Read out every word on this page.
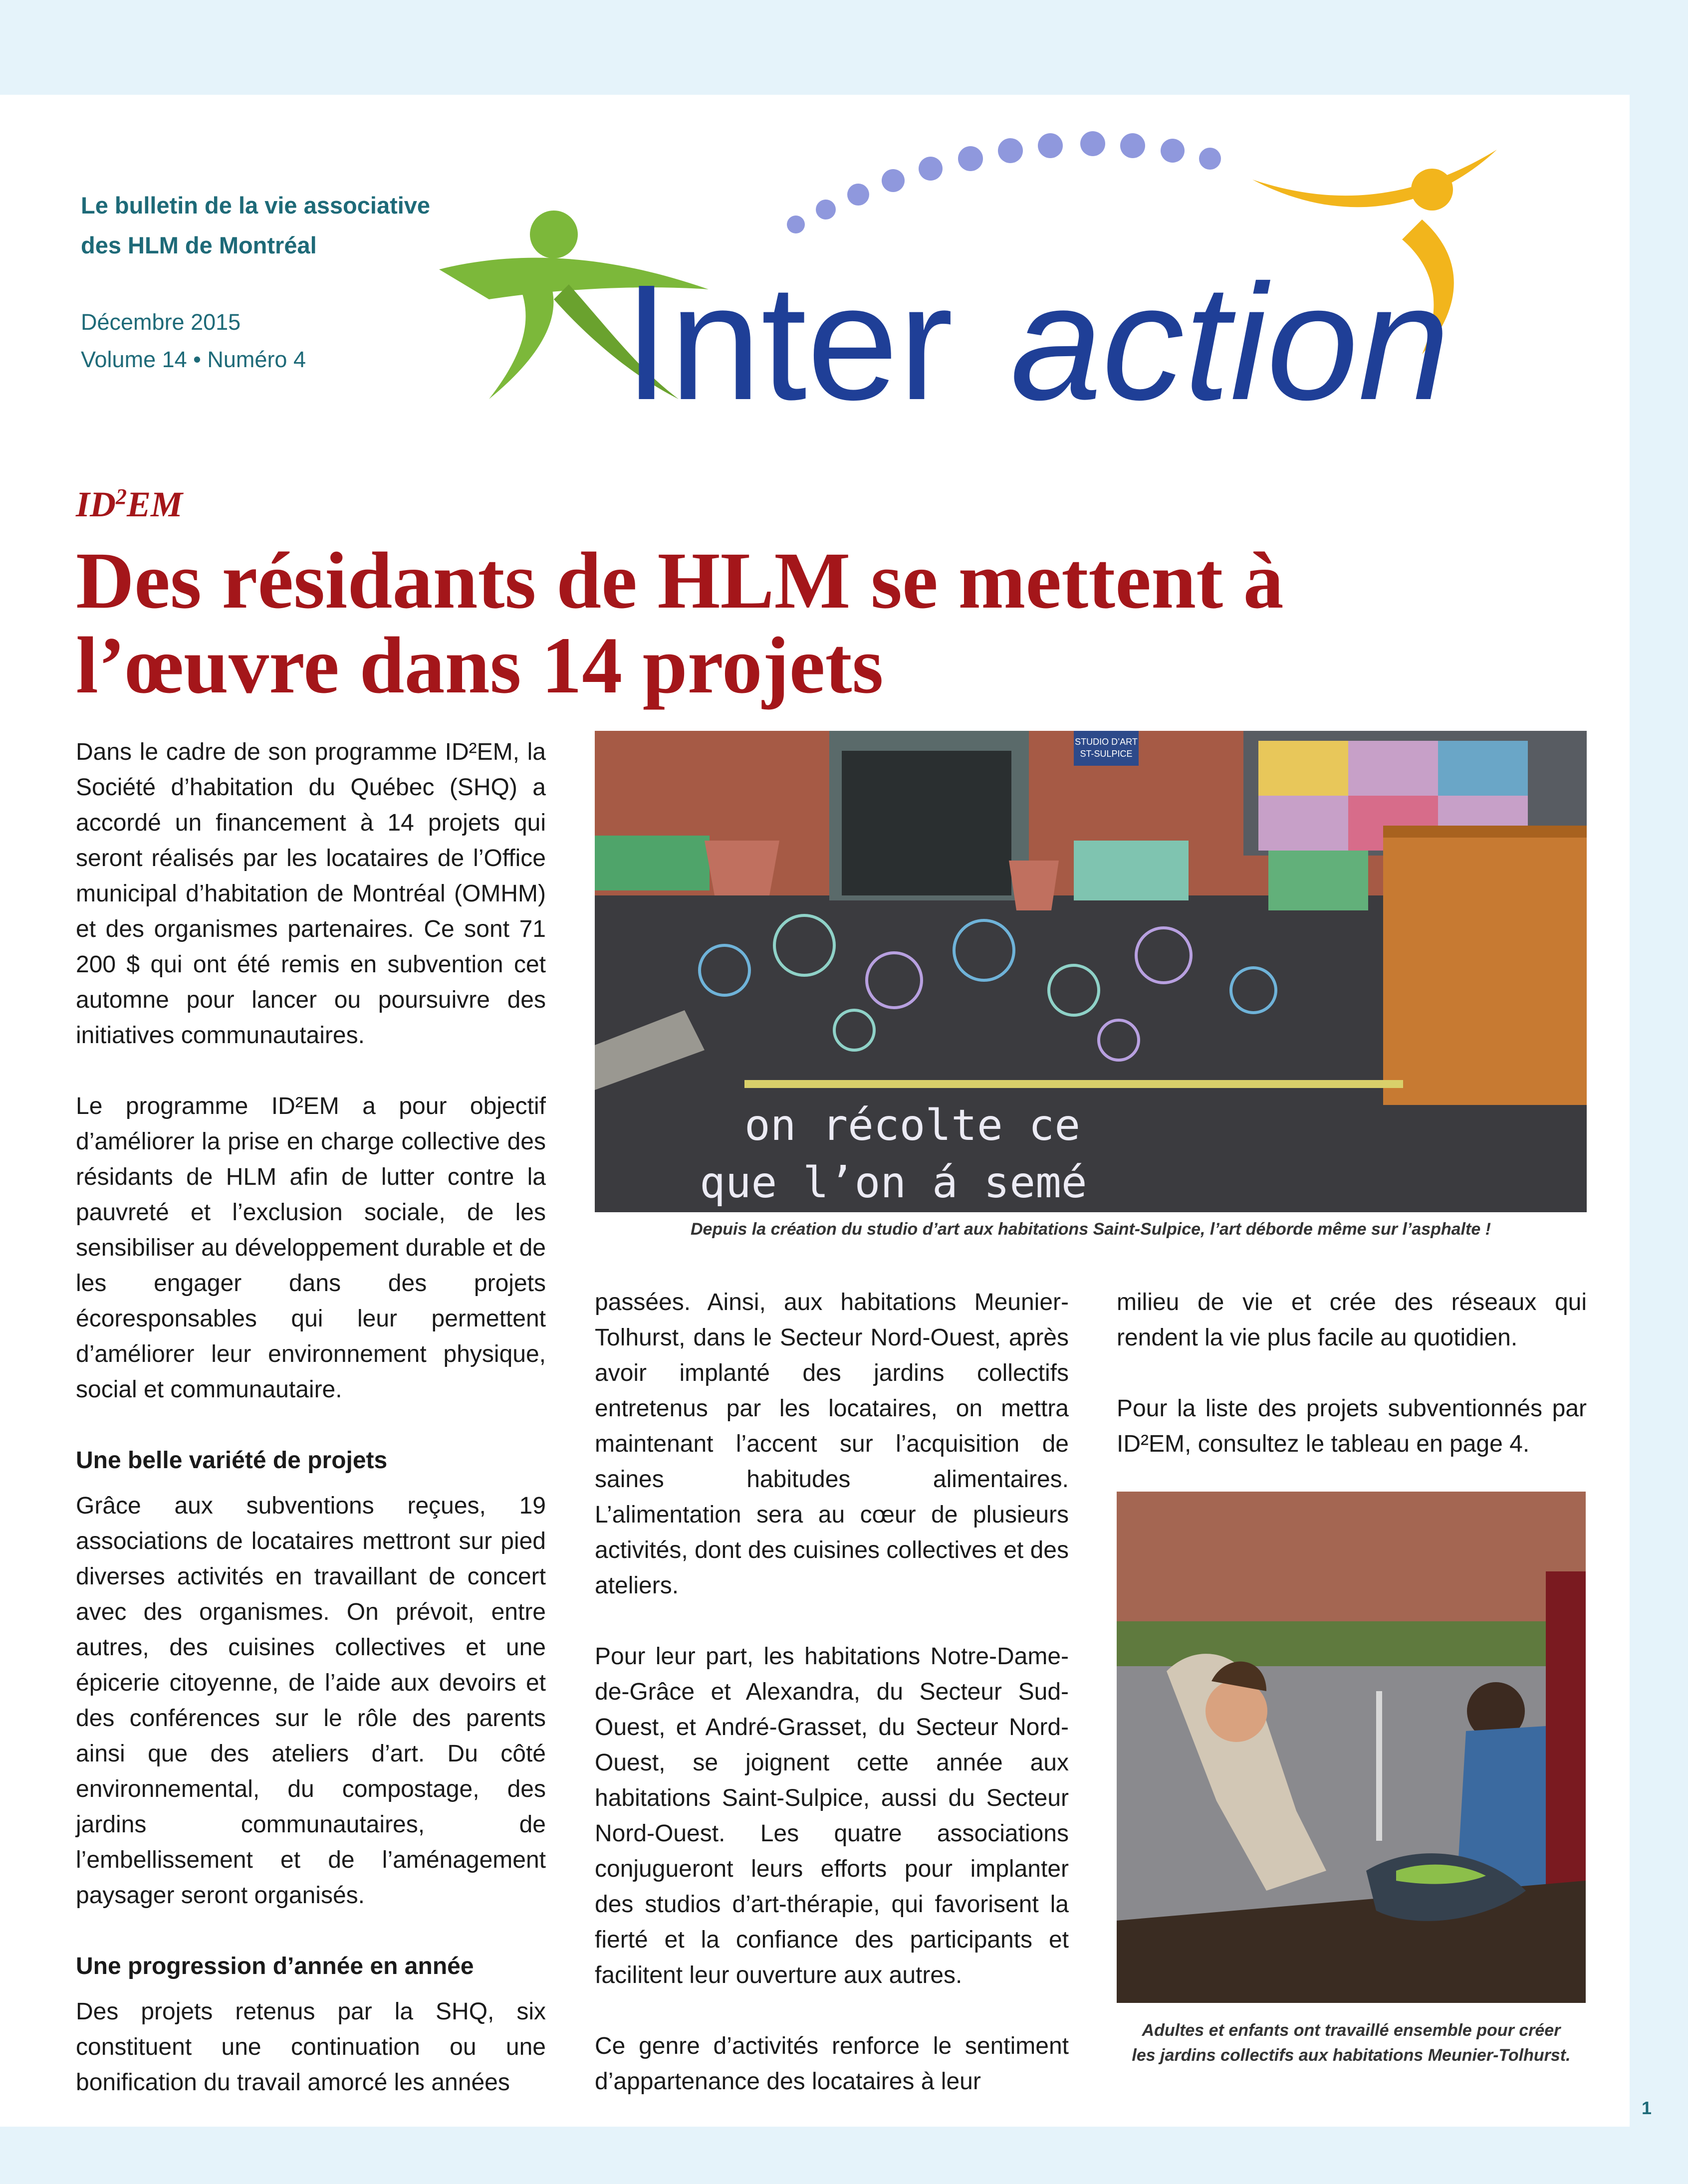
Le bulletin de la vie associative
des HLM de Montréal
Décembre 2015
Volume 14 • Numéro 4 Inter action
$ID^2EM$
Des résidants de HLM se mettent à
l’œuvre dans 14 projets

Dans le cadre de son programme ID²EM, la Société d’habitation du Québec (SHQ) a accordé un financement à 14 projets qui seront réalisés par les locataires de l’Office municipal d’habitation de Montréal (OMHM) et des organismes partenaires. Ce sont 71 200 $ qui ont été remis en subvention cet automne pour lancer ou poursuivre des initiatives communautaires.

Le programme ID²EM a pour objectif d’améliorer la prise en charge collective des résidants de HLM afin de lutter contre la pauvreté et l’exclusion sociale, de les sensibiliser au développement durable et de les engager dans des projets écoresponsables qui leur permettent d’améliorer leur environnement physique, social et communautaire.

Une belle variété de projets

Grâce aux subventions reçues, 19 associations de locataires mettront sur pied diverses activités en travaillant de concert avec des organismes. On prévoit, entre autres, des cuisines collectives et une épicerie citoyenne, de l’aide aux devoirs et des conférences sur le rôle des parents ainsi que des ateliers d’art. Du côté environnemental, du compostage, des jardins communautaires, de l’embellissement et de l’aménagement paysager seront organisés.

Une progression d’année en année

Des projets retenus par la SHQ, six constituent une continuation ou une bonification du travail amorcé les années

STUDIO D’ART
ST-SULPICE
on récolte ce
que l’on á semé
Depuis la création du studio d’art aux habitations Saint-Sulpice, l’art déborde même sur l’asphalte !

passées. Ainsi, aux habitations Meunier-Tolhurst, dans le Secteur Nord-Ouest, après avoir implanté des jardins collectifs entretenus par les locataires, on mettra maintenant l’accent sur l’acquisition de saines habitudes alimentaires. L’alimentation sera au cœur de plusieurs activités, dont des cuisines collectives et des ateliers.

Pour leur part, les habitations Notre-Dame-de-Grâce et Alexandra, du Secteur Sud-Ouest, et André-Grasset, du Secteur Nord-Ouest, se joignent cette année aux habitations Saint-Sulpice, aussi du Secteur Nord-Ouest. Les quatre associations conjugueront leurs efforts pour implanter des studios d’art-thérapie, qui favorisent la fierté et la confiance des participants et facilitent leur ouverture aux autres.

Ce genre d’activités renforce le sentiment d’appartenance des locataires à leur

milieu de vie et crée des réseaux qui rendent la vie plus facile au quotidien.

Pour la liste des projets subventionnés par ID²EM, consultez le tableau en page 4.

Adultes et enfants ont travaillé ensemble pour créer
les jardins collectifs aux habitations Meunier-Tolhurst.
1
